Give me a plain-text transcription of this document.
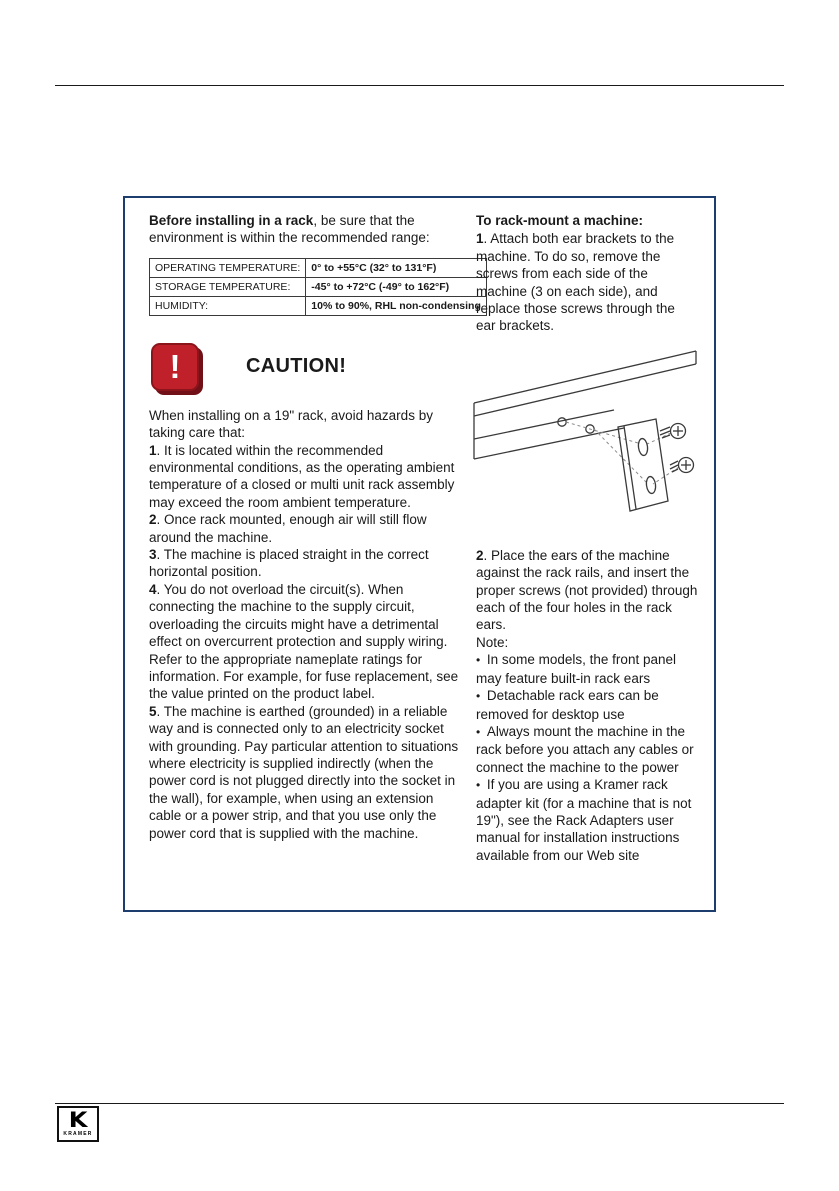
Before installing in a rack, be sure that the environment is within the recommended range:

OPERATING TEMPERATURE:	0° to +55°C (32° to 131°F)
STORAGE TEMPERATURE:	-45° to +72°C (-49° to 162°F)
HUMIDITY:	10% to 90%, RHL non-condensing
!	CAUTION!

When installing on a 19" rack, avoid hazards by taking care that:

1. It is located within the recommended environmental conditions, as the operating ambient temperature of a closed or multi unit rack assembly may exceed the room ambient temperature.

2. Once rack mounted, enough air will still flow around the machine.

3. The machine is placed straight in the correct horizontal position.

4. You do not overload the circuit(s). When connecting the machine to the supply circuit, overloading the circuits might have a detrimental effect on overcurrent protection and supply wiring. Refer to the appropriate nameplate ratings for information. For example, for fuse replacement, see the value printed on the product label.

5. The machine is earthed (grounded) in a reliable way and is connected only to an electricity socket with grounding. Pay particular attention to situations where electricity is supplied indirectly (when the power cord is not plugged directly into the socket in the wall), for example, when using an extension cable or a power strip, and that you use only the power cord that is supplied with the machine.

To rack-mount a machine:

1. Attach both ear brackets to the machine. To do so, remove the screws from each side of the machine (3 on each side), and replace those screws through the ear brackets.

2. Place the ears of the machine against the rack rails, and insert the proper screws (not provided) through each of the four holes in the rack ears.

Note:

•  In some models, the front panel may feature built-in rack ears
•  Detachable rack ears can be removed for desktop use
•  Always mount the machine in the rack before you attach any cables or connect the machine to the power
•  If you are using a Kramer rack adapter kit (for a machine that is not 19"), see the Rack Adapters user manual for installation instructions available from our Web site
K
KRAMER
